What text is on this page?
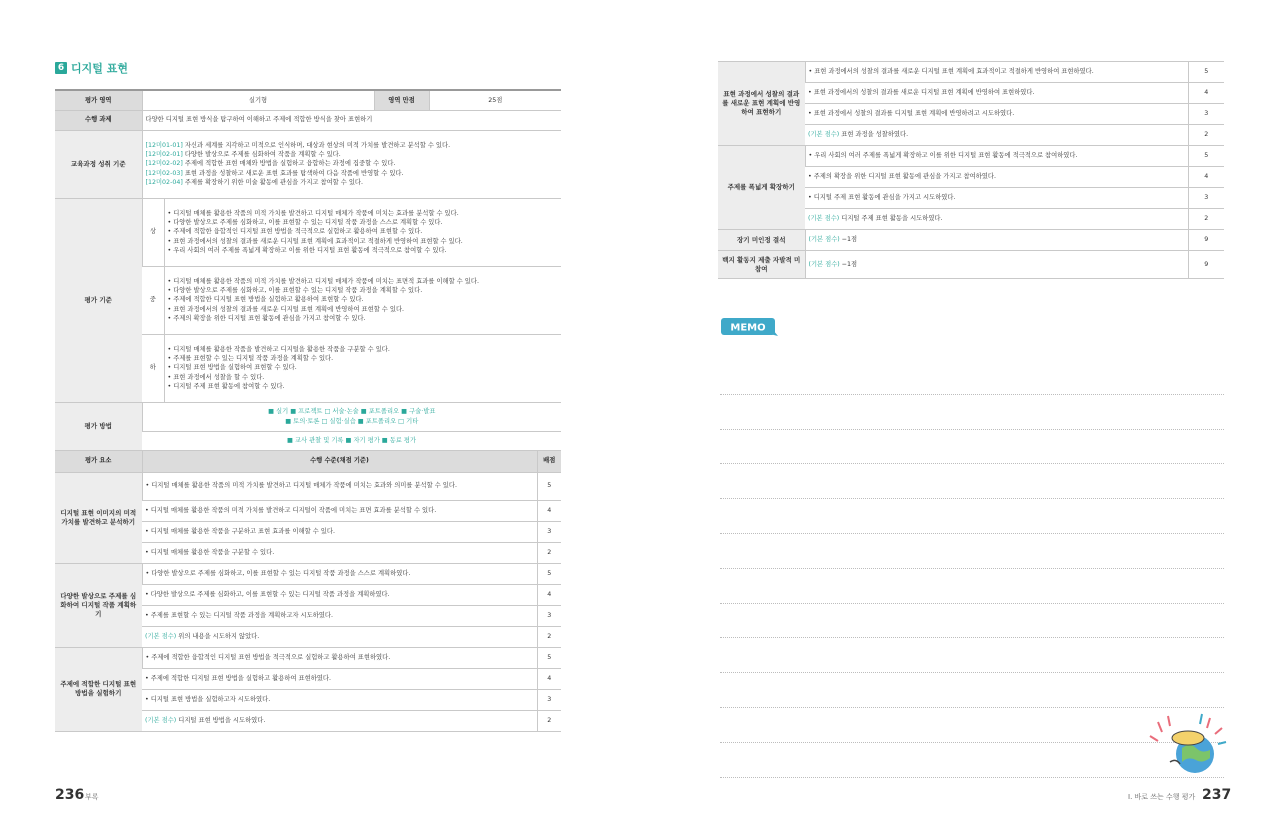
6 디지털 표현
평가 영역	실기형		영역 만점	25점	
수행 과제	다양한 디지털 표현 방식을 탐구하여 이해하고 주제에 적합한 방식을 찾아 표현하기				
교육과정 성취 기준	[12미01-01] 자신과 세계를 지각하고 미적으로 인식하며, 대상과 현상의 미적 가치를 발견하고 분석할 수 있다.
[12미02-01] 다양한 발상으로 주제를 심화하여 작품을 계획할 수 있다.
[12미02-02] 주제에 적합한 표현 매체와 방법을 실험하고 융합하는 과정에 집중할 수 있다.
[12미02-03] 표현 과정을 성찰하고 새로운 표현 효과를 탐색하여 다음 작품에 반영할 수 있다.
[12미02-04] 주제를 확장하기 위한 미술 활동에 관심을 가지고 참여할 수 있다.				

평가 기준	상	• 디지털 매체를 활용한 작품의 미적 가치를 발견하고 디지털 매체가 작품에 미치는 효과를 분석할 수 있다.
• 다양한 발상으로 주제를 심화하고, 이를 표현할 수 있는 디지털 작품 과정을 스스로 계획할 수 있다.
• 주제에 적합한 융합적인 디지털 표현 방법을 적극적으로 실험하고 활용하여 표현할 수 있다.
• 표현 과정에서의 성찰의 결과를 새로운 디지털 표현 계획에 효과적이고 적절하게 반영하여 표현할 수 있다.
• 우리 사회의 여러 주제를 폭넓게 확장하고 이를 위한 디지털 표현 활동에 적극적으로 참여할 수 있다.			

	중	• 디지털 매체를 활용한 작품의 미적 가치를 발견하고 디지털 매체가 작품에 미치는 표면적 효과를 이해할 수 있다.
• 다양한 발상으로 주제를 심화하고, 이를 표현할 수 있는 디지털 작품 과정을 계획할 수 있다.
• 주제에 적합한 디지털 표현 방법을 실험하고 활용하여 표현할 수 있다.
• 표현 과정에서의 성찰의 결과를 새로운 디지털 표현 계획에 반영하여 표현할 수 있다.
• 주제의 확장을 위한 디지털 표현 활동에 관심을 가지고 참여할 수 있다.			

	하	• 디지털 매체를 활용한 작품을 발견하고 디지털을 활용한 작품을 구분할 수 있다.
• 주제를 표현할 수 있는 디지털 작품 과정을 계획할 수 있다.
• 디지털 표현 방법을 실험하여 표현할 수 있다.
• 표현 과정에서 성찰을 할 수 있다.
• 디지털 주제 표현 활동에 참여할 수 있다.			

평가 방법	■ 실기 ■ 프로젝트 □ 서술·논술 ■ 포트폴리오 ■ 구술·발표
■ 토의·토론 □ 실험·실습 ■ 포트폴리오 □ 기타				

	■ 교사 관찰 및 기록 ■ 자기 평가 ■ 동료 평가				
평가 요소	수행 수준(채점 기준)				배점
디지털 표현 이미지의 미적 가치를 발견하고 분석하기	• 디지털 매체를 활용한 작품의 미적 가치를 발견하고 디지털 매체가 작품에 미치는 효과와 의미를 분석할 수 있다.				5
	• 디지털 매체를 활용한 작품의 미적 가치를 발견하고 디지털이 작품에 미치는 표면 효과를 분석할 수 있다.				4
	• 디지털 매체를 활용한 작품을 구분하고 표현 효과를 이해할 수 있다.				3
	• 디지털 매체를 활용한 작품을 구분할 수 있다.				2
다양한 발상으로 주제를 심화하여 디지털 작품 계획하기	• 다양한 발상으로 주제를 심화하고, 이를 표현할 수 있는 디지털 작품 과정을 스스로 계획하였다.				5
	• 다양한 발상으로 주제를 심화하고, 이를 표현할 수 있는 디지털 작품 과정을 계획하였다.				4
	• 주제를 표현할 수 있는 디지털 작품 과정을 계획하고자 시도하였다.				3
	(기본 점수) 위의 내용을 시도하지 않았다.				2
주제에 적합한 디지털 표현 방법을 실험하기	• 주제에 적합한 융합적인 디지털 표현 방법을 적극적으로 실험하고 활용하여 표현하였다.				5
	• 주제에 적합한 디지털 표현 방법을 실험하고 활용하여 표현하였다.				4
	• 디지털 표현 방법을 실험하고자 시도하였다.				3
	(기본 점수) 디지털 표현 방법을 시도하였다.				2
236 부록
표현 과정에서 성찰의 결과를 새로운 표현 계획에 반영하여 표현하기	• 표현 과정에서의 성찰의 결과를 새로운 디지털 표현 계획에 효과적이고 적절하게 반영하여 표현하였다.	5
	• 표현 과정에서의 성찰의 결과를 새로운 디지털 표현 계획에 반영하여 표현하였다.	4
	• 표현 과정에서 성찰의 결과를 디지털 표현 계획에 반영하려고 시도하였다.	3
	(기본 점수) 표현 과정을 성찰하였다.	2
주제를 폭넓게 확장하기	• 우리 사회의 여러 주제를 폭넓게 확장하고 이를 위한 디지털 표현 활동에 적극적으로 참여하였다.	5
	• 주제의 확장을 위한 디지털 표현 활동에 관심을 가지고 참여하였다.	4
	• 디지털 주제 표현 활동에 관심을 가지고 시도하였다.	3
	(기본 점수) 디지털 주제 표현 활동을 시도하였다.	2
장기 미인정 결석	(기본 점수) −1점	9
백지 활동지 제출 자발적 미참여	(기본 점수) −1점	9
MEMO
I. 바로 쓰는 수행 평가 237
